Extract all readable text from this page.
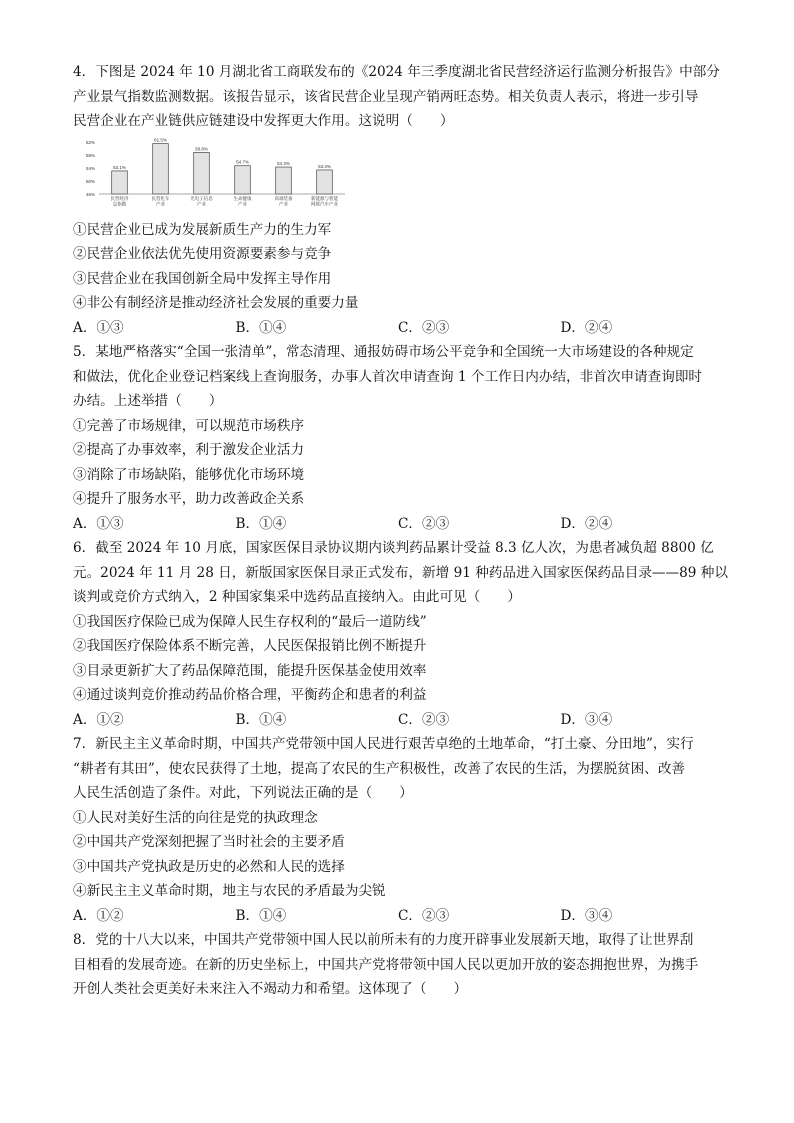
4．下图是 2024 年 10 月湖北省工商联发布的《2024 年三季度湖北省民营经济运行监测分析报告》中部分
产业景气指数监测数据。该报告显示，该省民营企业呈现产销两旺态势。相关负责人表示，将进一步引导
民营企业在产业链供应链建设中发挥更大作用。这说明（　　）
62%
58%
54%
50%
46%
53.1%
民营经济
总指数
61.5%
民营化车
产业
58.8%
光电子信息
产业
54.7%
生命健康
产业
54.3%
高端装备
产业
53.4%
新能源与智能
网联汽车产业
①民营企业已成为发展新质生产力的生力军
②民营企业依法优先使用资源要素参与竞争
③民营企业在我国创新全局中发挥主导作用
④非公有制经济是推动经济社会发展的重要力量
A．①③	B．①④	C．②③	D．②④
5．某地严格落实“全国一张清单”，常态清理、通报妨碍市场公平竞争和全国统一大市场建设的各种规定
和做法，优化企业登记档案线上查询服务，办事人首次申请查询 1 个工作日内办结，非首次申请查询即时
办结。上述举措（　　）
①完善了市场规律，可以规范市场秩序
②提高了办事效率，利于激发企业活力
③消除了市场缺陷，能够优化市场环境
④提升了服务水平，助力改善政企关系
A．①③	B．①④	C．②③	D．②④
6．截至 2024 年 10 月底，国家医保目录协议期内谈判药品累计受益 8.3 亿人次，为患者减负超 8800 亿
元。2024 年 11 月 28 日，新版国家医保目录正式发布，新增 91 种药品进入国家医保药品目录——89 种以
谈判或竞价方式纳入，2 种国家集采中选药品直接纳入。由此可见（　　）
①我国医疗保险已成为保障人民生存权利的“最后一道防线”
②我国医疗保险体系不断完善，人民医保报销比例不断提升
③目录更新扩大了药品保障范围，能提升医保基金使用效率
④通过谈判竞价推动药品价格合理，平衡药企和患者的利益
A．①②	B．①④	C．②③	D．③④
7．新民主主义革命时期，中国共产党带领中国人民进行艰苦卓绝的土地革命，“打土豪、分田地”，实行
“耕者有其田”，使农民获得了土地，提高了农民的生产积极性，改善了农民的生活，为摆脱贫困、改善
人民生活创造了条件。对此，下列说法正确的是（　　）
①人民对美好生活的向往是党的执政理念
②中国共产党深刻把握了当时社会的主要矛盾
③中国共产党执政是历史的必然和人民的选择
④新民主主义革命时期，地主与农民的矛盾最为尖锐
A．①②	B．①④	C．②③	D．③④
8．党的十八大以来，中国共产党带领中国人民以前所未有的力度开辟事业发展新天地，取得了让世界刮
目相看的发展奇迹。在新的历史坐标上，中国共产党将带领中国人民以更加开放的姿态拥抱世界，为携手
开创人类社会更美好未来注入不竭动力和希望。这体现了（　　）
